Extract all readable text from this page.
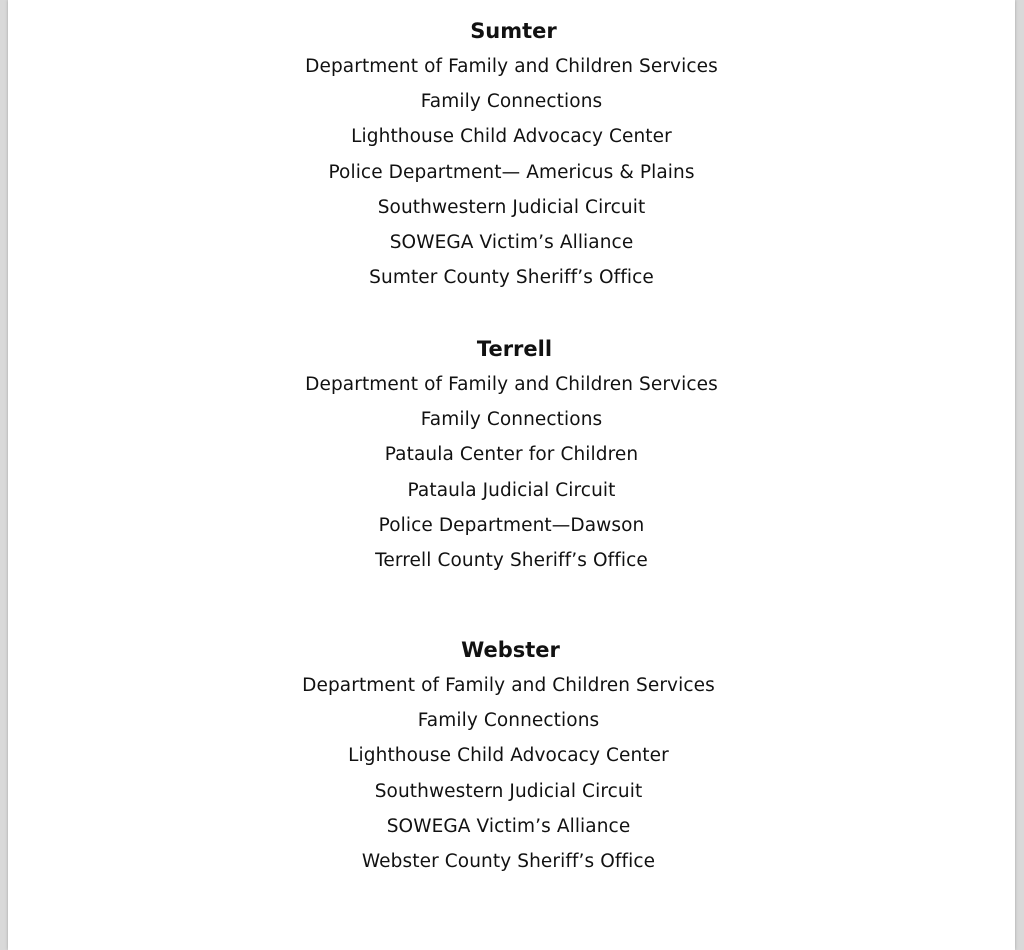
Sumter
Department of Family and Children Services
Family Connections
Lighthouse Child Advocacy Center
Police Department— Americus & Plains
Southwestern Judicial Circuit
SOWEGA Victim’s Alliance
Sumter County Sheriff’s Office
Terrell
Department of Family and Children Services
Family Connections
Pataula Center for Children
Pataula Judicial Circuit
Police Department—Dawson
Terrell County Sheriff’s Office
Webster
Department of Family and Children Services
Family Connections
Lighthouse Child Advocacy Center
Southwestern Judicial Circuit
SOWEGA Victim’s Alliance
Webster County Sheriff’s Office
